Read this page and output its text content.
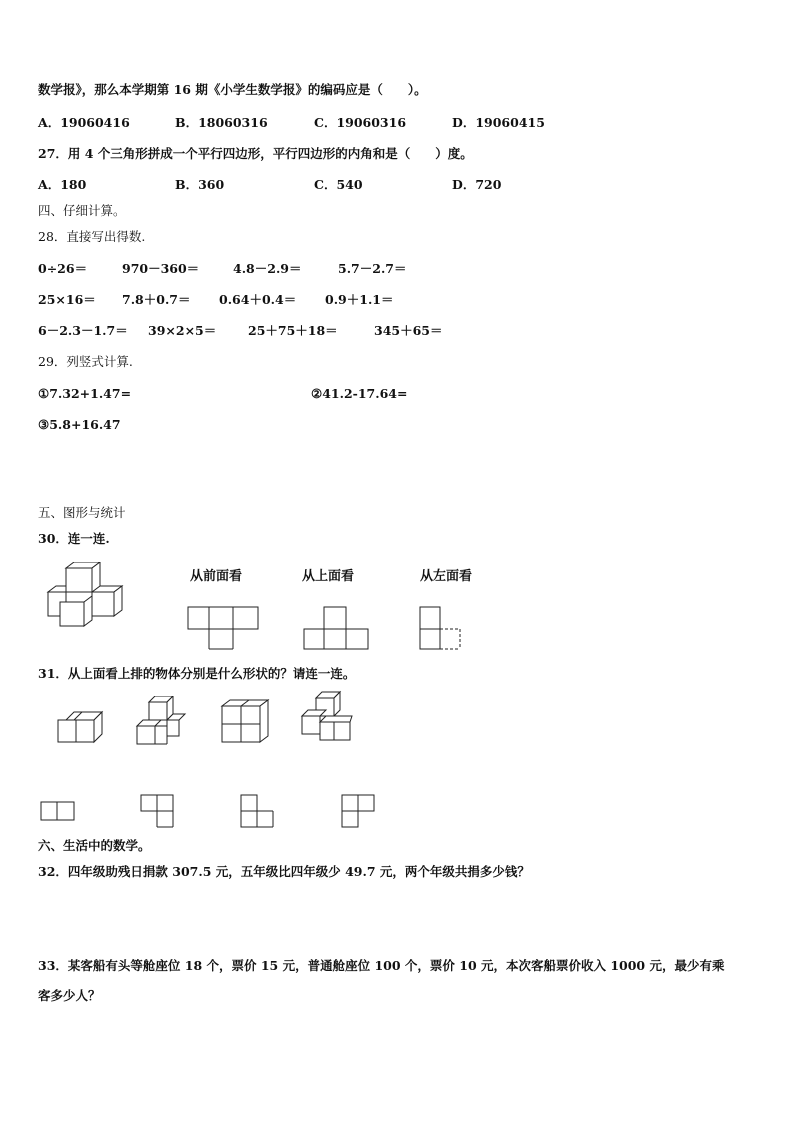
数学报》，那么本学期第 16 期《小学生数学报》的编码应是（　　）。
A．19060416	B．18060316	C．19060316	D．19060415
27．用 4 个三角形拼成一个平行四边形，平行四边形的内角和是（　　）度。
A．180	B．360	C．540	D．720
四、仔细计算。
28．直接写出得数.
0÷26＝	970－360＝	4.8－2.9＝	5.7－2.7＝
25×16＝ 7.8＋0.7＝ 0.64＋0.4＝ 0.9＋1.1＝
6－2.3－1.7＝ 39×2×5＝	25＋75＋18＝	345＋65＝
29．列竖式计算.
①7.32+1.47=	②41.2-17.64=
③5.8+16.47
五、图形与统计
30．连一连.
从前面看	从上面看	从左面看
31．从上面看上排的物体分别是什么形状的？请连一连。
六、生活中的数学。
32．四年级助残日捐款 307.5 元，五年级比四年级少 49.7 元，两个年级共捐多少钱？
33．某客船有头等舱座位 18 个，票价 15 元，普通舱座位 100 个，票价 10 元，本次客船票价收入 1000 元，最少有乘
客多少人？
